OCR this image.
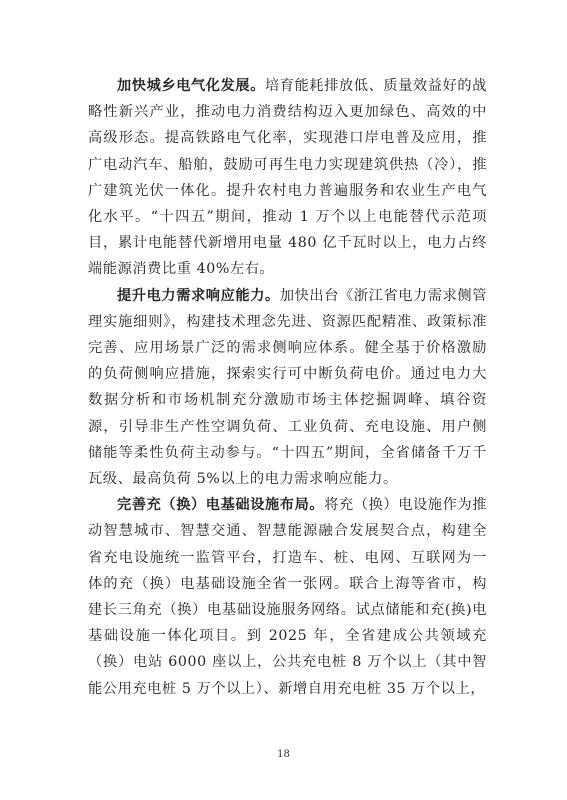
加快城乡电气化发展。培育能耗排放低、质量效益好的战略性新兴产业，推动电力消费结构迈入更加绿色、高效的中高级形态。提高铁路电气化率，实现港口岸电普及应用，推广电动汽车、船舶，鼓励可再生电力实现建筑供热（冷），推广建筑光伏一体化。提升农村电力普遍服务和农业生产电气化水平。“十四五”期间，推动 1 万个以上电能替代示范项目，累计电能替代新增用电量 480 亿千瓦时以上，电力占终端能源消费比重 40%左右。

提升电力需求响应能力。加快出台《浙江省电力需求侧管理实施细则》，构建技术理念先进、资源匹配精准、政策标准完善、应用场景广泛的需求侧响应体系。健全基于价格激励的负荷侧响应措施，探索实行可中断负荷电价。通过电力大数据分析和市场机制充分激励市场主体挖掘调峰、填谷资源，引导非生产性空调负荷、工业负荷、充电设施、用户侧储能等柔性负荷主动参与。“十四五”期间，全省储备千万千瓦级、最高负荷 5%以上的电力需求响应能力。

完善充（换）电基础设施布局。将充（换）电设施作为推动智慧城市、智慧交通、智慧能源融合发展契合点，构建全省充电设施统一监管平台，打造车、桩、电网、互联网为一体的充（换）电基础设施全省一张网。联合上海等省市，构建长三角充（换）电基础设施服务网络。试点储能和充(换)电基础设施一体化项目。到 2025 年，全省建成公共领域充（换）电站 6000 座以上，公共充电桩 8 万个以上（其中智能公用充电桩 5 万个以上）、新增自用充电桩 35 万个以上，

18
